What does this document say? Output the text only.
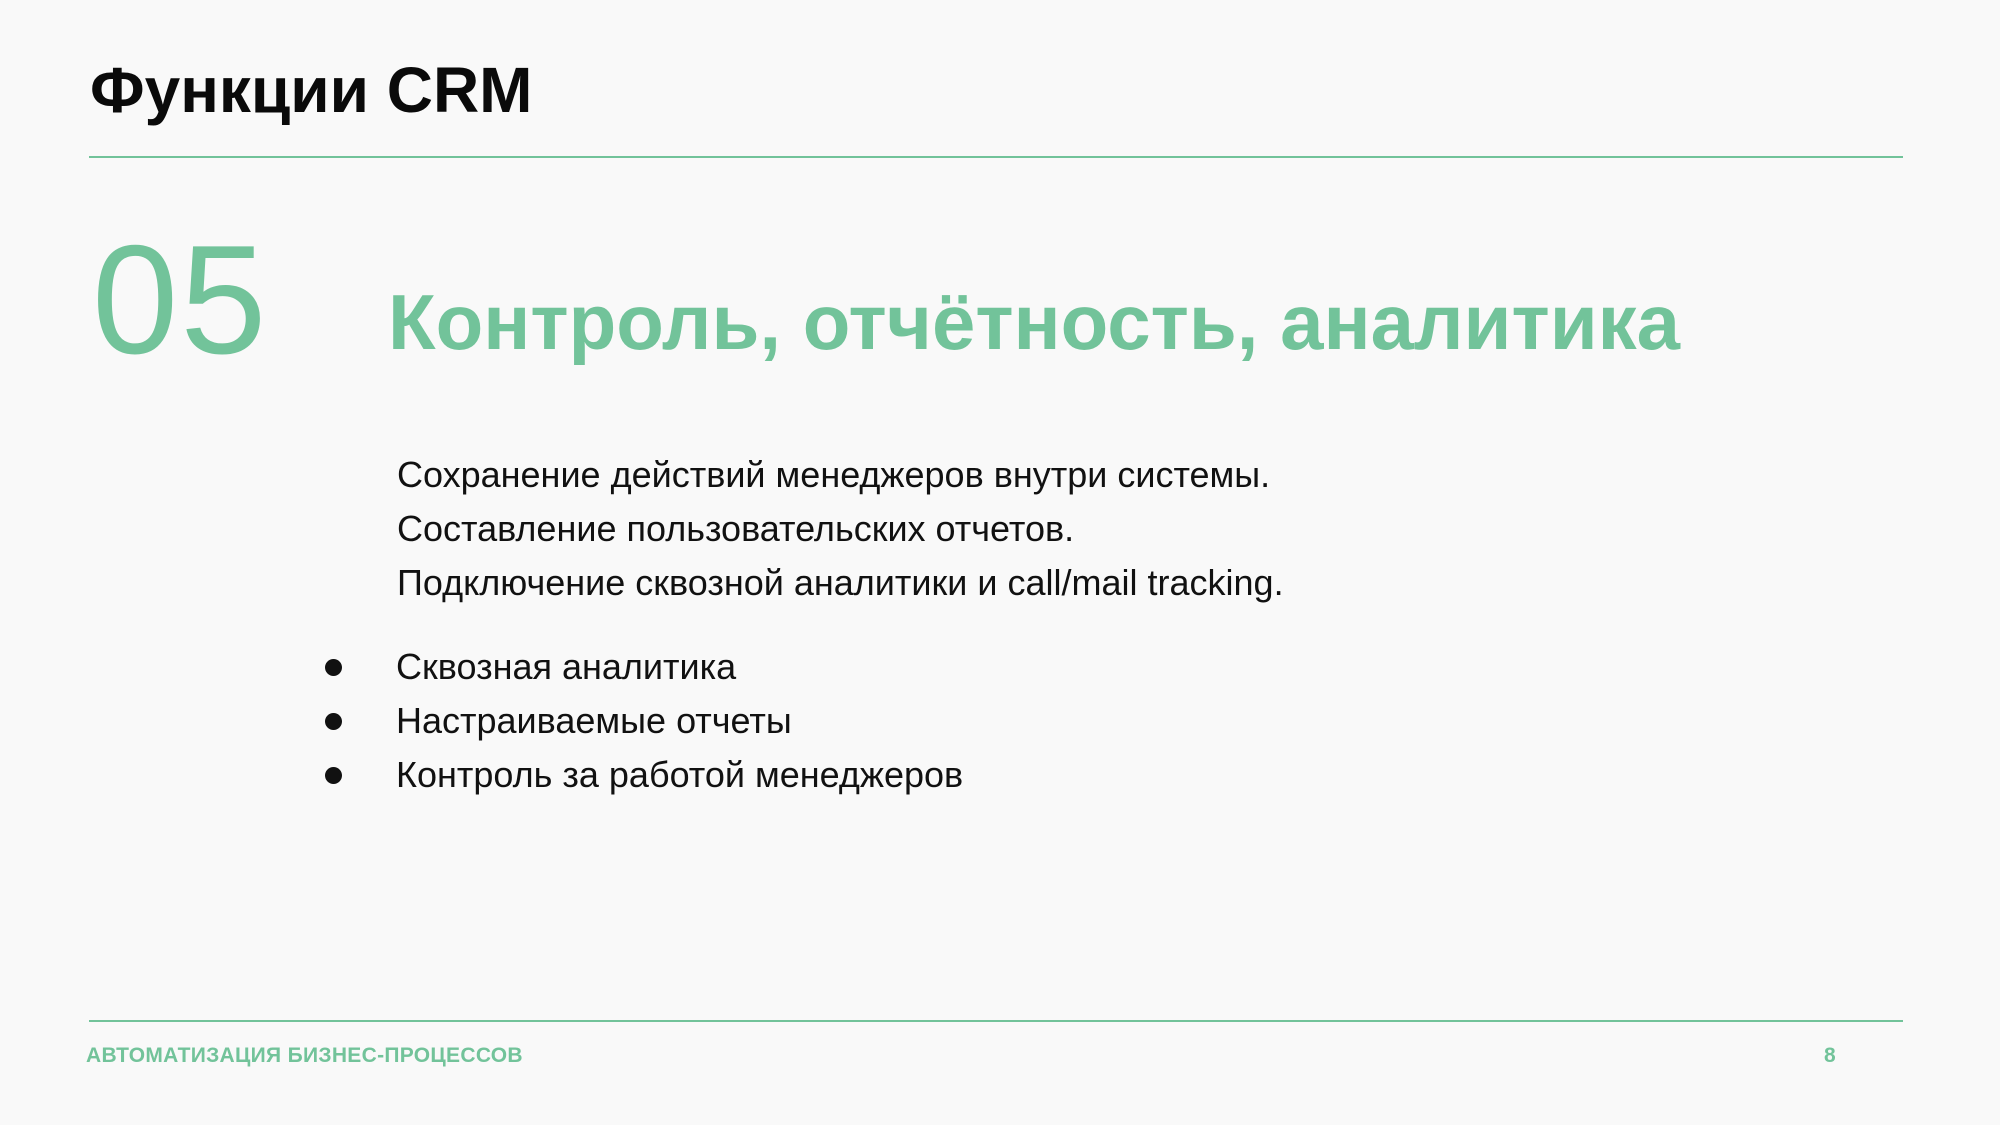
Функции CRM
05 Контроль, отчётность, аналитика
Сохранение действий менеджеров внутри системы.
Составление пользовательских отчетов.
Подключение сквозной аналитики и call/mail tracking.
Сквозная аналитика
Настраиваемые отчеты
Контроль за работой менеджеров
АВТОМАТИЗАЦИЯ БИЗНЕС-ПРОЦЕССОВ	8
